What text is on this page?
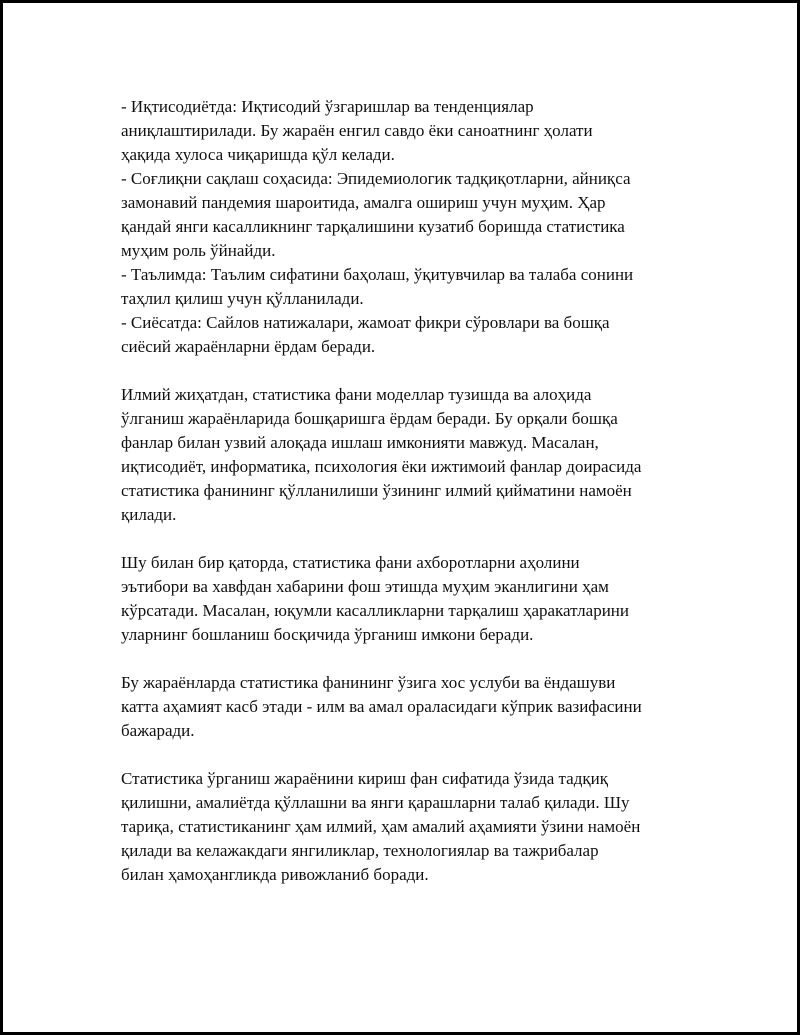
- Иқтисодиётда: Иқтисодий ўзгаришлар ва тенденциялар
аниқлаштирилади. Бу жараён енгил савдо ёки саноатнинг ҳолати
ҳақида хулоса чиқаришда қўл келади.
- Соғлиқни сақлаш соҳасида: Эпидемиологик тадқиқотларни, айниқса
замонавий пандемия шароитида, амалга ошириш учун муҳим. Ҳар
қандай янги касалликнинг тарқалишини кузатиб боришда статистика
муҳим роль ўйнайди.
- Таълимда: Таълим сифатини баҳолаш, ўқитувчилар ва талаба сонини
таҳлил қилиш учун қўлланилади.
- Сиёсатда: Сайлов натижалари, жамоат фикри сўровлари ва бошқа
сиёсий жараёнларни ёрдам беради.

Илмий жиҳатдан, статистика фани моделлар тузишда ва алоҳида
ўлганиш жараёнларида бошқаришга ёрдам беради. Бу орқали бошқа
фанлар билан узвий алоқада ишлаш имконияти мавжуд. Масалан,
иқтисодиёт, информатика, психология ёки ижтимоий фанлар доирасида
статистика фанининг қўлланилиши ўзининг илмий қийматини намоён
қилади.

Шу билан бир қаторда, статистика фани ахборотларни аҳолини
эътибори ва хавфдан хабарини фош этишда муҳим эканлигини ҳам
кўрсатади. Масалан, юқумли касалликларни тарқалиш ҳаракатларини
уларнинг бошланиш босқичида ўрганиш имкони беради.

Бу жараёнларда статистика фанининг ўзига хос услуби ва ёндашуви
катта аҳамият касб этади - илм ва амал ораласидаги кўприк вазифасини
бажаради.

Статистика ўрганиш жараёнини кириш фан сифатида ўзида тадқиқ
қилишни, амалиётда қўллашни ва янги қарашларни талаб қилади. Шу
тариқа, статистиканинг ҳам илмий, ҳам амалий аҳамияти ўзини намоён
қилади ва келажакдаги янгиликлар, технологиялар ва тажрибалар
билан ҳамоҳангликда ривожланиб боради.
